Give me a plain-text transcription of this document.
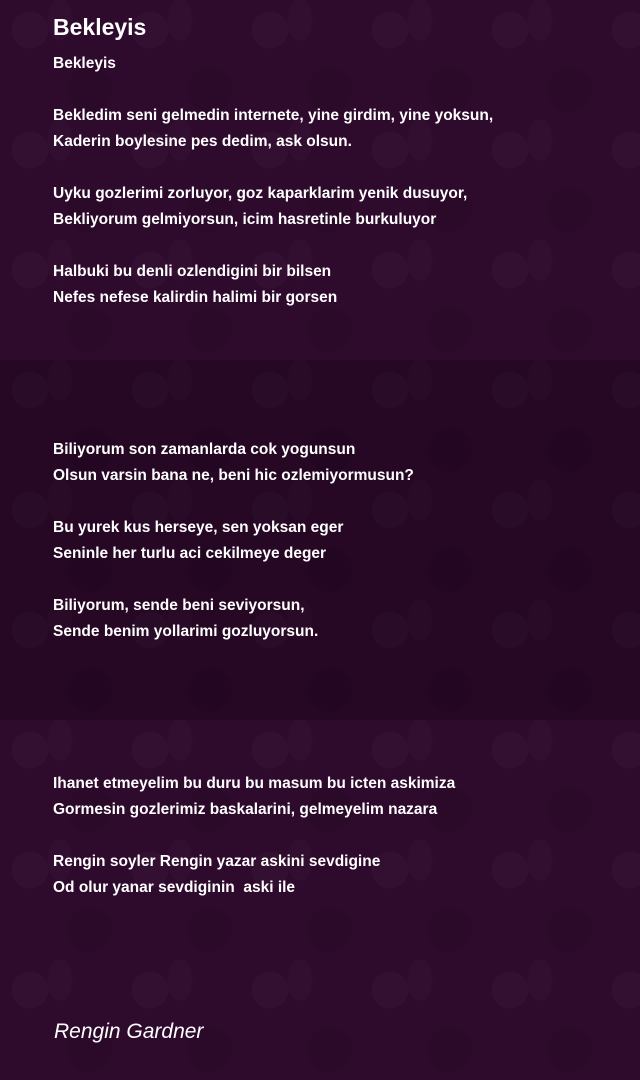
Bekleyis
Bekleyis
Bekledim seni gelmedin internete, yine girdim, yine yoksun,
Kaderin boylesine pes dedim, ask olsun.
Uyku gozlerimi zorluyor, goz kaparklarim yenik dusuyor,
Bekliyorum gelmiyorsun, icim hasretinle burkuluyor
Halbuki bu denli ozlendigini bir bilsen
Nefes nefese kalirdin halimi bir gorsen
Biliyorum son zamanlarda cok yogunsun
Olsun varsin bana ne, beni hic ozlemiyormusun?
Bu yurek kus herseye, sen yoksan eger
Seninle her turlu aci cekilmeye deger
Biliyorum, sende beni seviyorsun,
Sende benim yollarimi gozluyorsun.
Ihanet etmeyelim bu duru bu masum bu icten askimiza
Gormesin gozlerimiz baskalarini, gelmeyelim nazara
Rengin soyler Rengin yazar askini sevdigine
Od olur yanar sevdiginin  aski ile
Rengin Gardner
